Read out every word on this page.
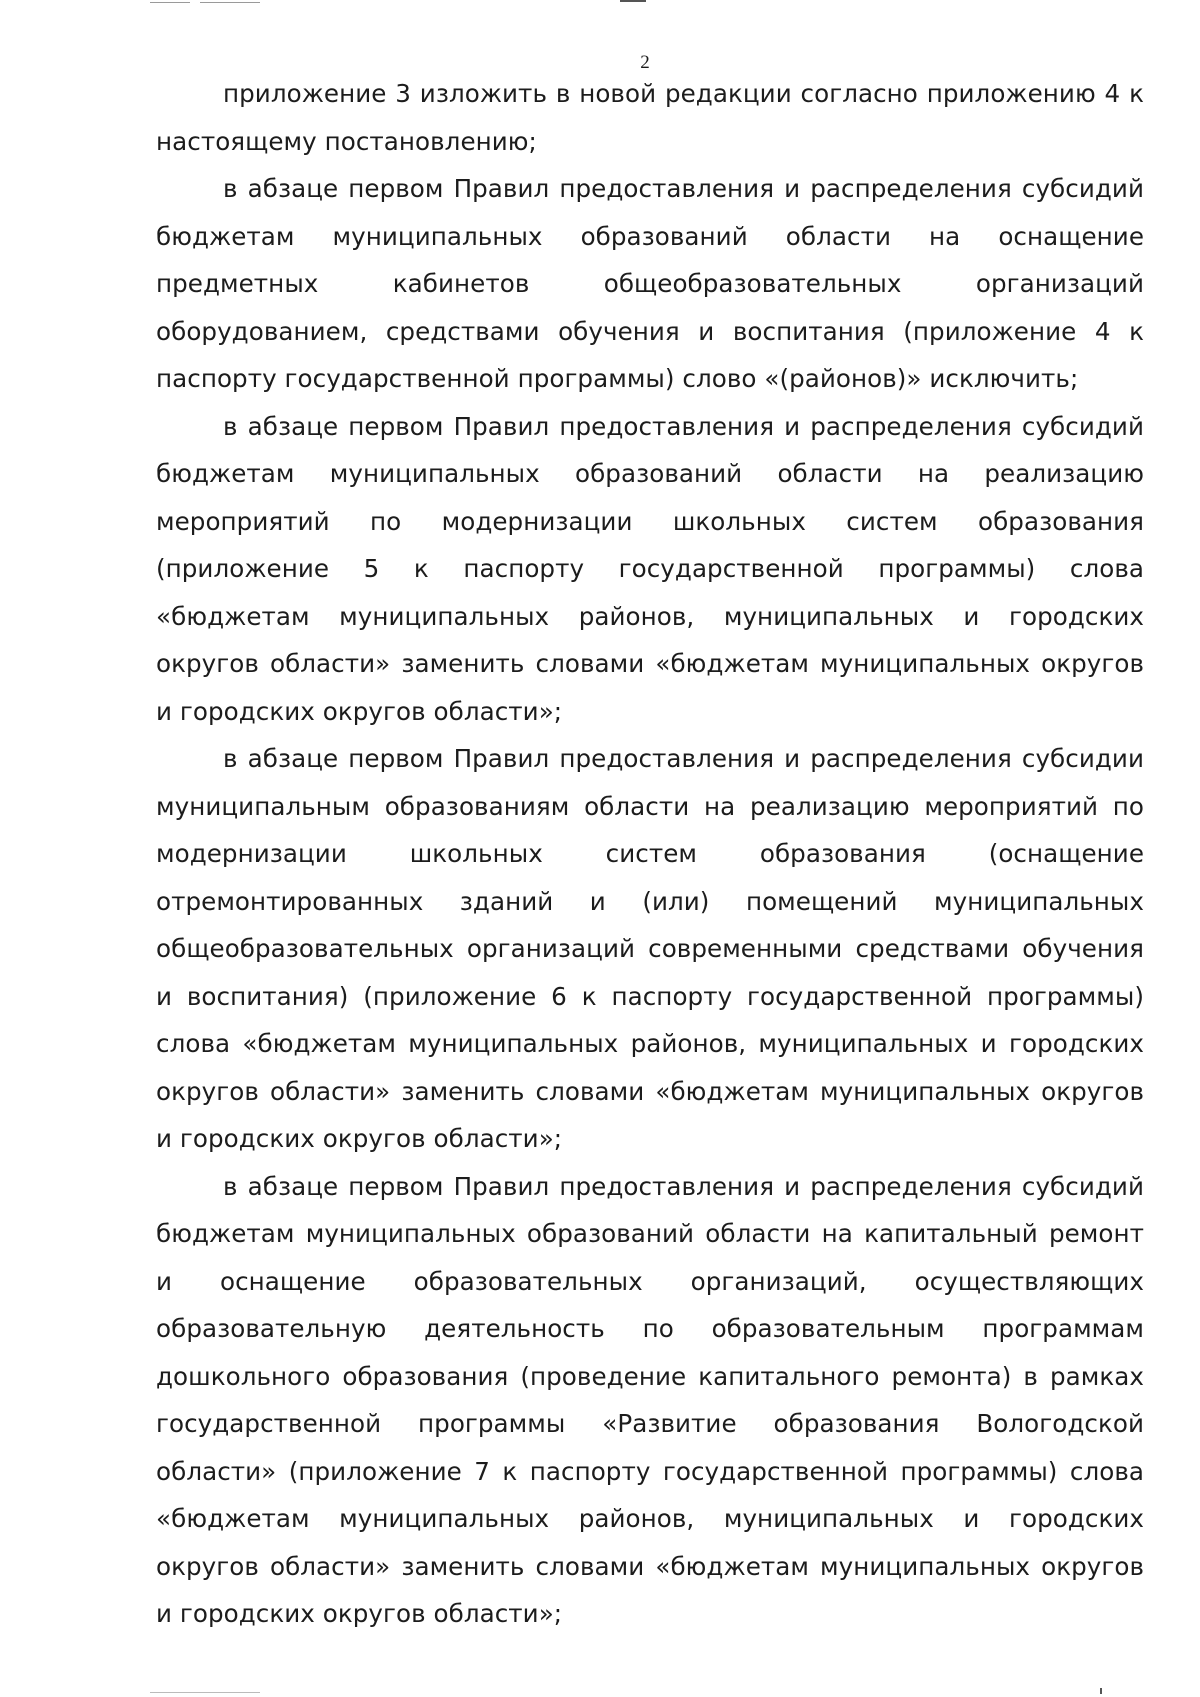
2

приложение 3 изложить в новой редакции согласно приложению 4 к настоящему постановлению;

в абзаце первом Правил предоставления и распределения субсидий бюджетам муниципальных образований области на оснащение предметных кабинетов общеобразовательных организаций оборудованием, средствами обучения и воспитания (приложение 4 к паспорту государственной программы) слово «(районов)» исключить;

в абзаце первом Правил предоставления и распределения субсидий бюджетам муниципальных образований области на реализацию мероприятий по модернизации школьных систем образования (приложение 5 к паспорту государственной программы) слова «бюджетам муниципальных районов, муниципальных и городских округов области» заменить словами «бюджетам муниципальных округов и городских округов области»;

в абзаце первом Правил предоставления и распределения субсидии муниципальным образованиям области на реализацию мероприятий по модернизации школьных систем образования (оснащение отремонтированных зданий и (или) помещений муниципальных общеобразовательных организаций современными средствами обучения и воспитания) (приложение 6 к паспорту государственной программы) слова «бюджетам муниципальных районов, муниципальных и городских округов области» заменить словами «бюджетам муниципальных округов и городских округов области»;

в абзаце первом Правил предоставления и распределения субсидий бюджетам муниципальных образований области на капитальный ремонт и оснащение образовательных организаций, осуществляющих образовательную деятельность по образовательным программам дошкольного образования (проведение капитального ремонта) в рамках государственной программы «Развитие образования Вологодской области» (приложение 7 к паспорту государственной программы) слова «бюджетам муниципальных районов, муниципальных и городских округов области» заменить словами «бюджетам муниципальных округов и городских округов области»;
